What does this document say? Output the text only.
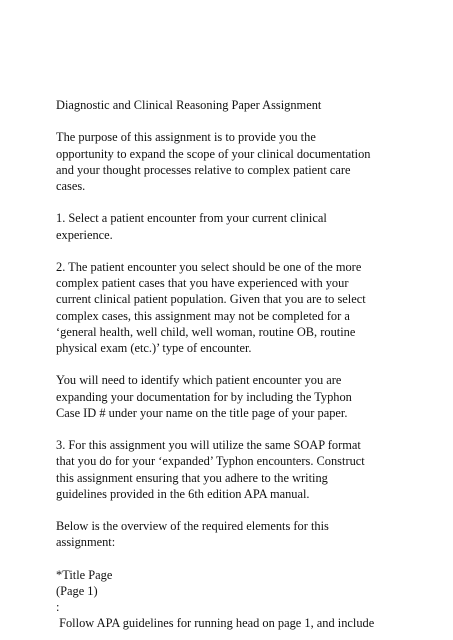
Diagnostic and Clinical Reasoning Paper Assignment

The purpose of this assignment is to provide you the
opportunity to expand the scope of your clinical documentation
and your thought processes relative to complex patient care
cases.

1. Select a patient encounter from your current clinical
experience.

2. The patient encounter you select should be one of the more
complex patient cases that you have experienced with your
current clinical patient population. Given that you are to select
complex cases, this assignment may not be completed for a
‘general health, well child, well woman, routine OB, routine
physical exam (etc.)’ type of encounter.

You will need to identify which patient encounter you are
expanding your documentation for by including the Typhon
Case ID # under your name on the title page of your paper.

3. For this assignment you will utilize the same SOAP format
that you do for your ‘expanded’ Typhon encounters. Construct
this assignment ensuring that you adhere to the writing
guidelines provided in the 6th edition APA manual.

Below is the overview of the required elements for this
assignment:

*Title Page
(Page 1)
:
Follow APA guidelines for running head on page 1, and include
